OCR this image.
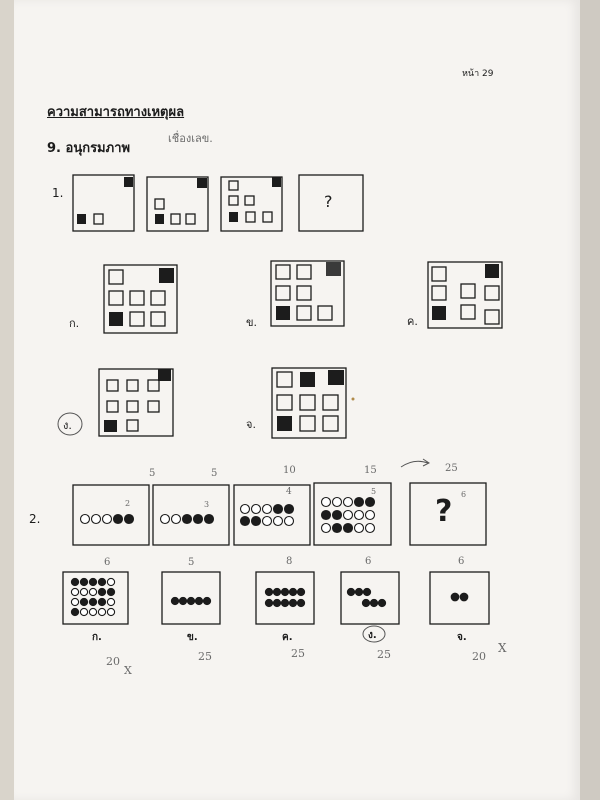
หน้า 29
ความสามารถทางเหตุผล
9. อนุกรมภาพ
เชื่องเลข.
1.	?
ก.	ข.	ค.
ง.	จ.
2.	?
5	5	10	15	25
2	3
4	5	6
6	5	8	6	6
ก.	ข.	ค.	ง.	จ.
20
X
25	25	25	20
X
